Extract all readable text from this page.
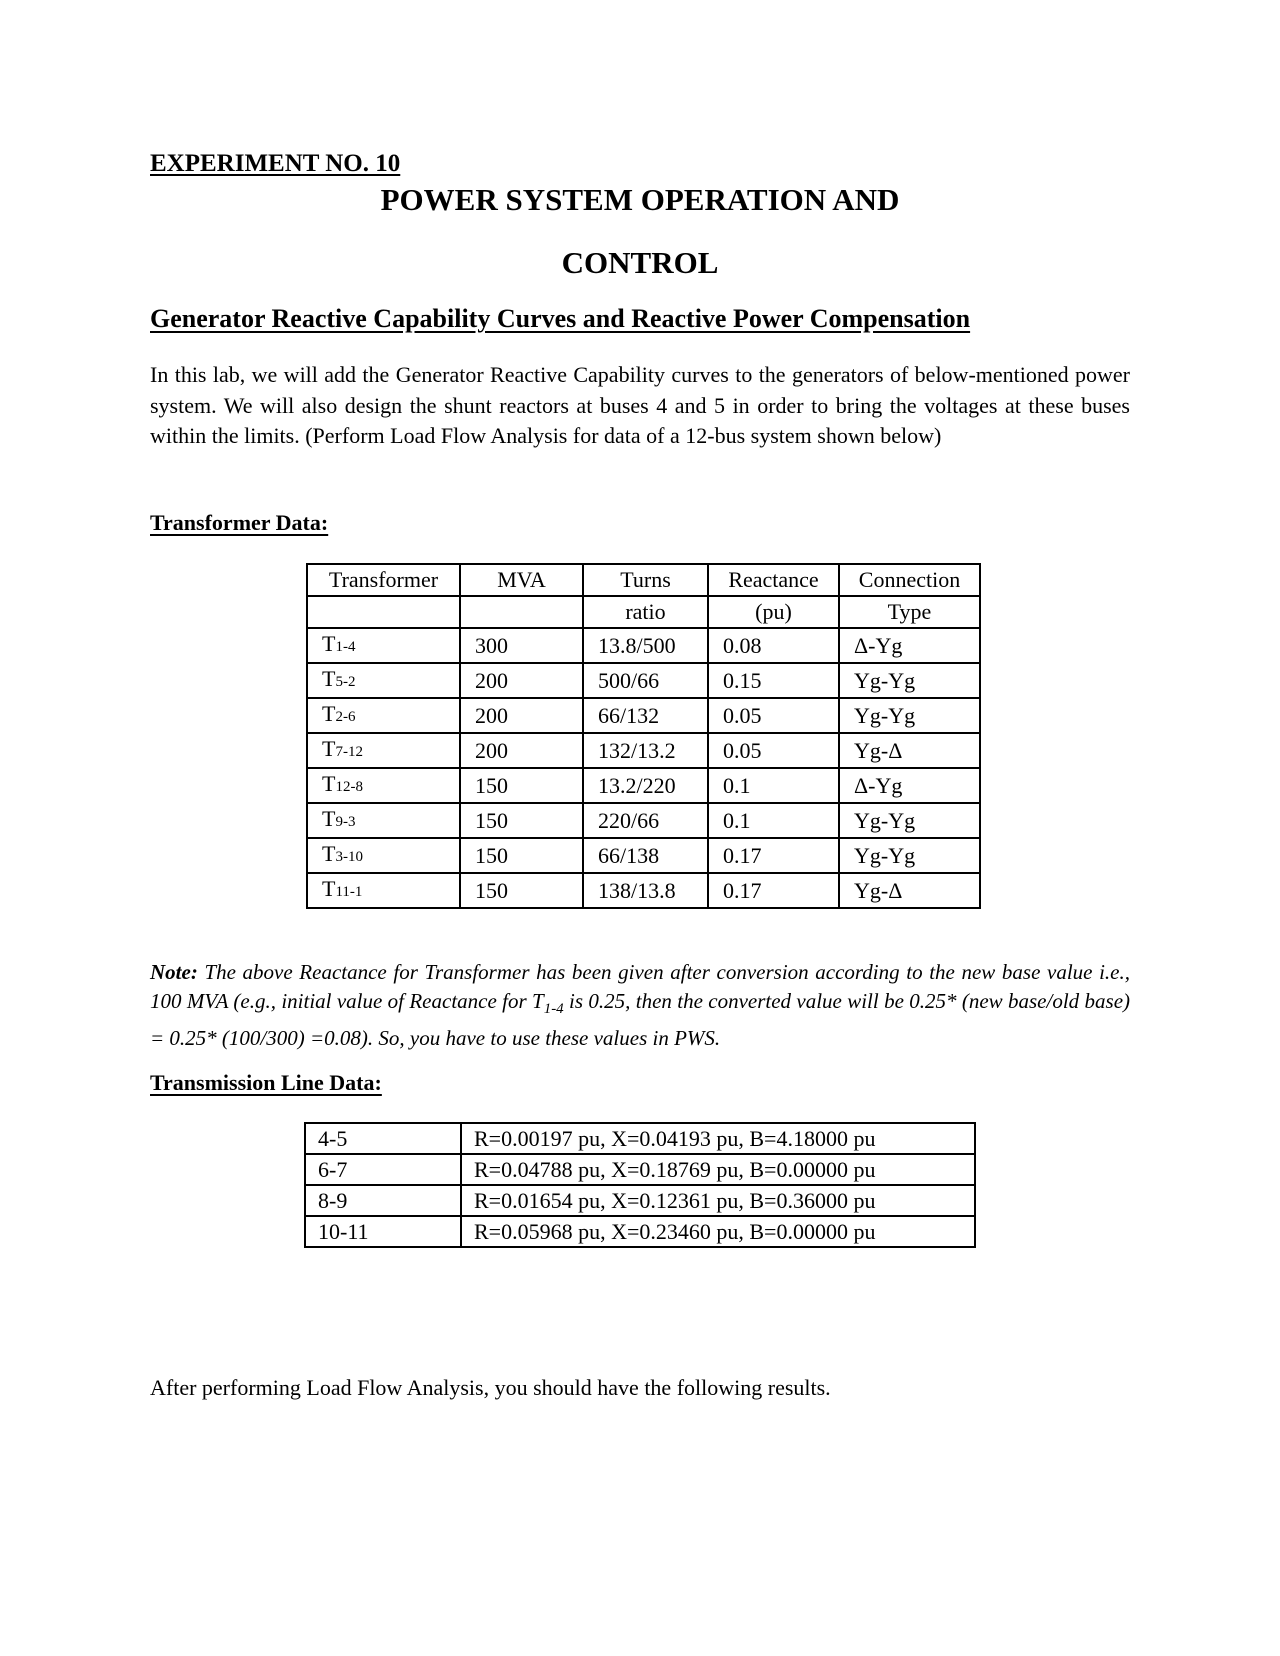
EXPERIMENT NO. 10
POWER SYSTEM OPERATION AND
CONTROL
Generator Reactive Capability Curves and Reactive Power Compensation

In this lab, we will add the Generator Reactive Capability curves to the generators of below-mentioned power system. We will also design the shunt reactors at buses 4 and 5 in order to bring the voltages at these buses within the limits. (Perform Load Flow Analysis for data of a 12-bus system shown below)

Transformer Data:
Transformer	MVA	Turns	Reactance	Connection
		ratio	(pu)	Type
T1-4	300	13.8/500	0.08	Δ-Yg
T5-2	200	500/66	0.15	Yg-Yg
T2-6	200	66/132	0.05	Yg-Yg
T7-12	200	132/13.2	0.05	Yg-Δ
T12-8	150	13.2/220	0.1	Δ-Yg
T9-3	150	220/66	0.1	Yg-Yg
T3-10	150	66/138	0.17	Yg-Yg
T11-1	150	138/13.8	0.17	Yg-Δ

Note: The above Reactance for Transformer has been given after conversion according to the new base value i.e., 100 MVA (e.g., initial value of Reactance for $T_{1-4}$ is 0.25, then the converted value will be 0.25* (new base/old base) = 0.25* (100/300) =0.08). So, you have to use these values in PWS.

Transmission Line Data:
4-5	R=0.00197 pu, X=0.04193 pu, B=4.18000 pu
6-7	R=0.04788 pu, X=0.18769 pu, B=0.00000 pu
8-9	R=0.01654 pu, X=0.12361 pu, B=0.36000 pu
10-11	R=0.05968 pu, X=0.23460 pu, B=0.00000 pu

After performing Load Flow Analysis, you should have the following results.
